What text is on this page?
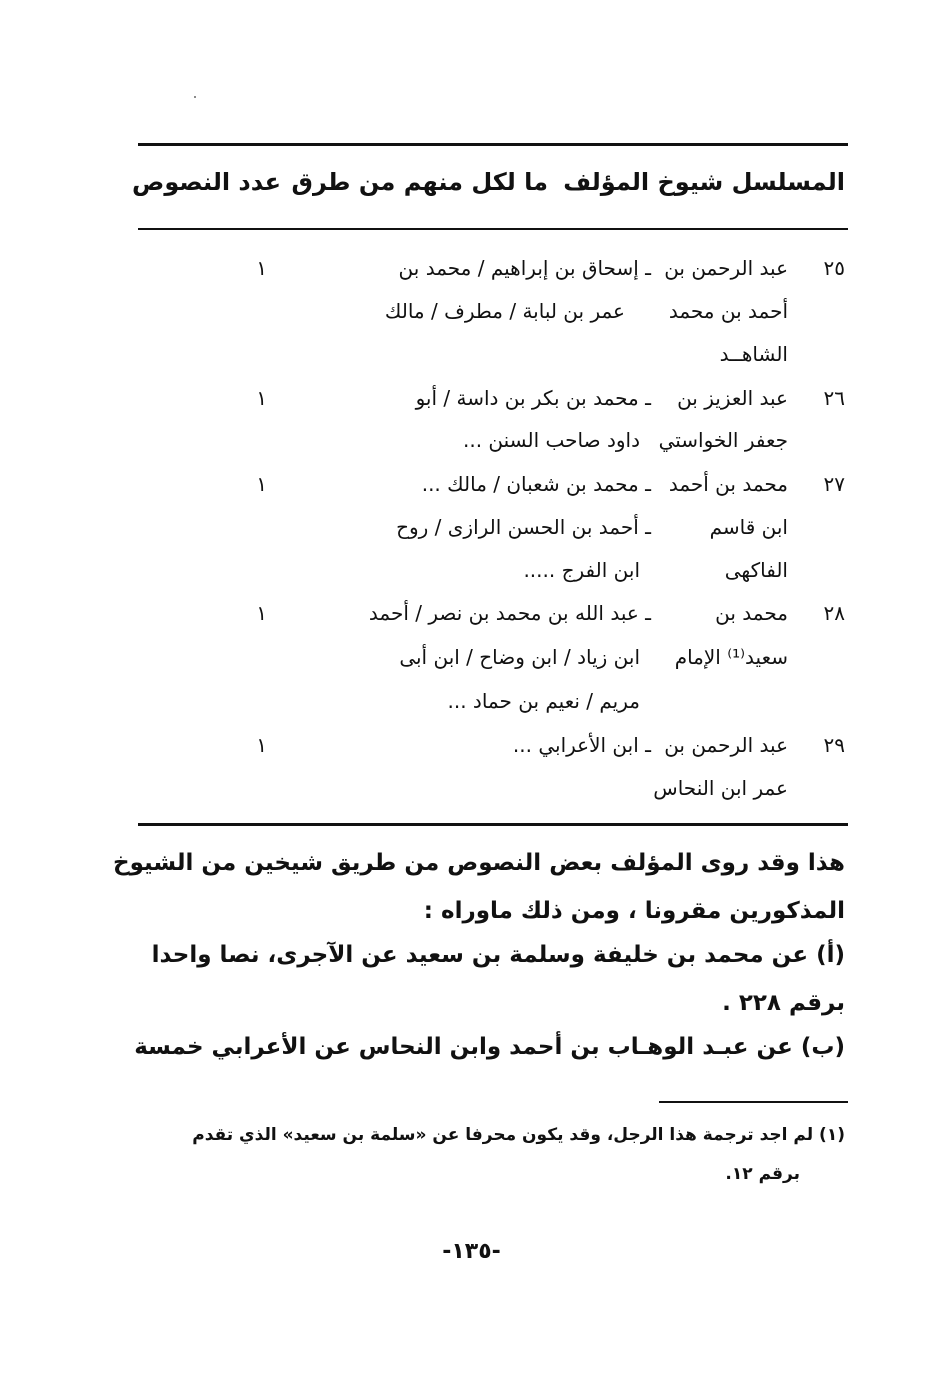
المسلسل شيوخ المؤلف
ما لكل منهم من طرق
عدد النصوص
٢٥
عبد الرحمن بن
أحمد بن محمد
الشاهــد
ـ إسحاق بن إبراهيم / محمد بن
عمر بن لبابة / مطرف / مالك
١
٢٦
عبد العزيز بن
جعفر الخواستي
ـ محمد بن بكر بن داسة / أبو
داود صاحب السنن ...
١
٢٧
محمد بن أحمد
ابن قاسم
الفاكهى
ـ محمد بن شعبان / مالك ...
ـ أحمد بن الحسن الرازى / روح
ابن الفرج .....
١
٢٨
محمد بن
سعيد⁽¹⁾ الإمام
مريم / نعيم بن حماد ...
ـ عبد الله بن محمد بن نصر / أحمد
ابن زياد / ابن وضاح / ابن أبى
١
٢٩
عبد الرحمن بن
عمر ابن النحاس
ـ ابن الأعرابي ...
١
هذا وقد روى المؤلف بعض النصوص من طريق شيخين من الشيوخ
المذكورين مقرونا ، ومن ذلك ماوراه :
(أ) عن محمد بن خليفة وسلمة بن سعيد عن الآجرى، نصا واحدا
برقم ٢٢٨ .
(ب) عن عبـد الوهـاب بن أحمد وابن النحاس عن الأعرابي خمسة
(١) لم اجد ترجمة هذا الرجل، وقد يكون محرفا عن «سلمة بن سعيد» الذي تقدم
برقم ١٢.
-١٣٥-
